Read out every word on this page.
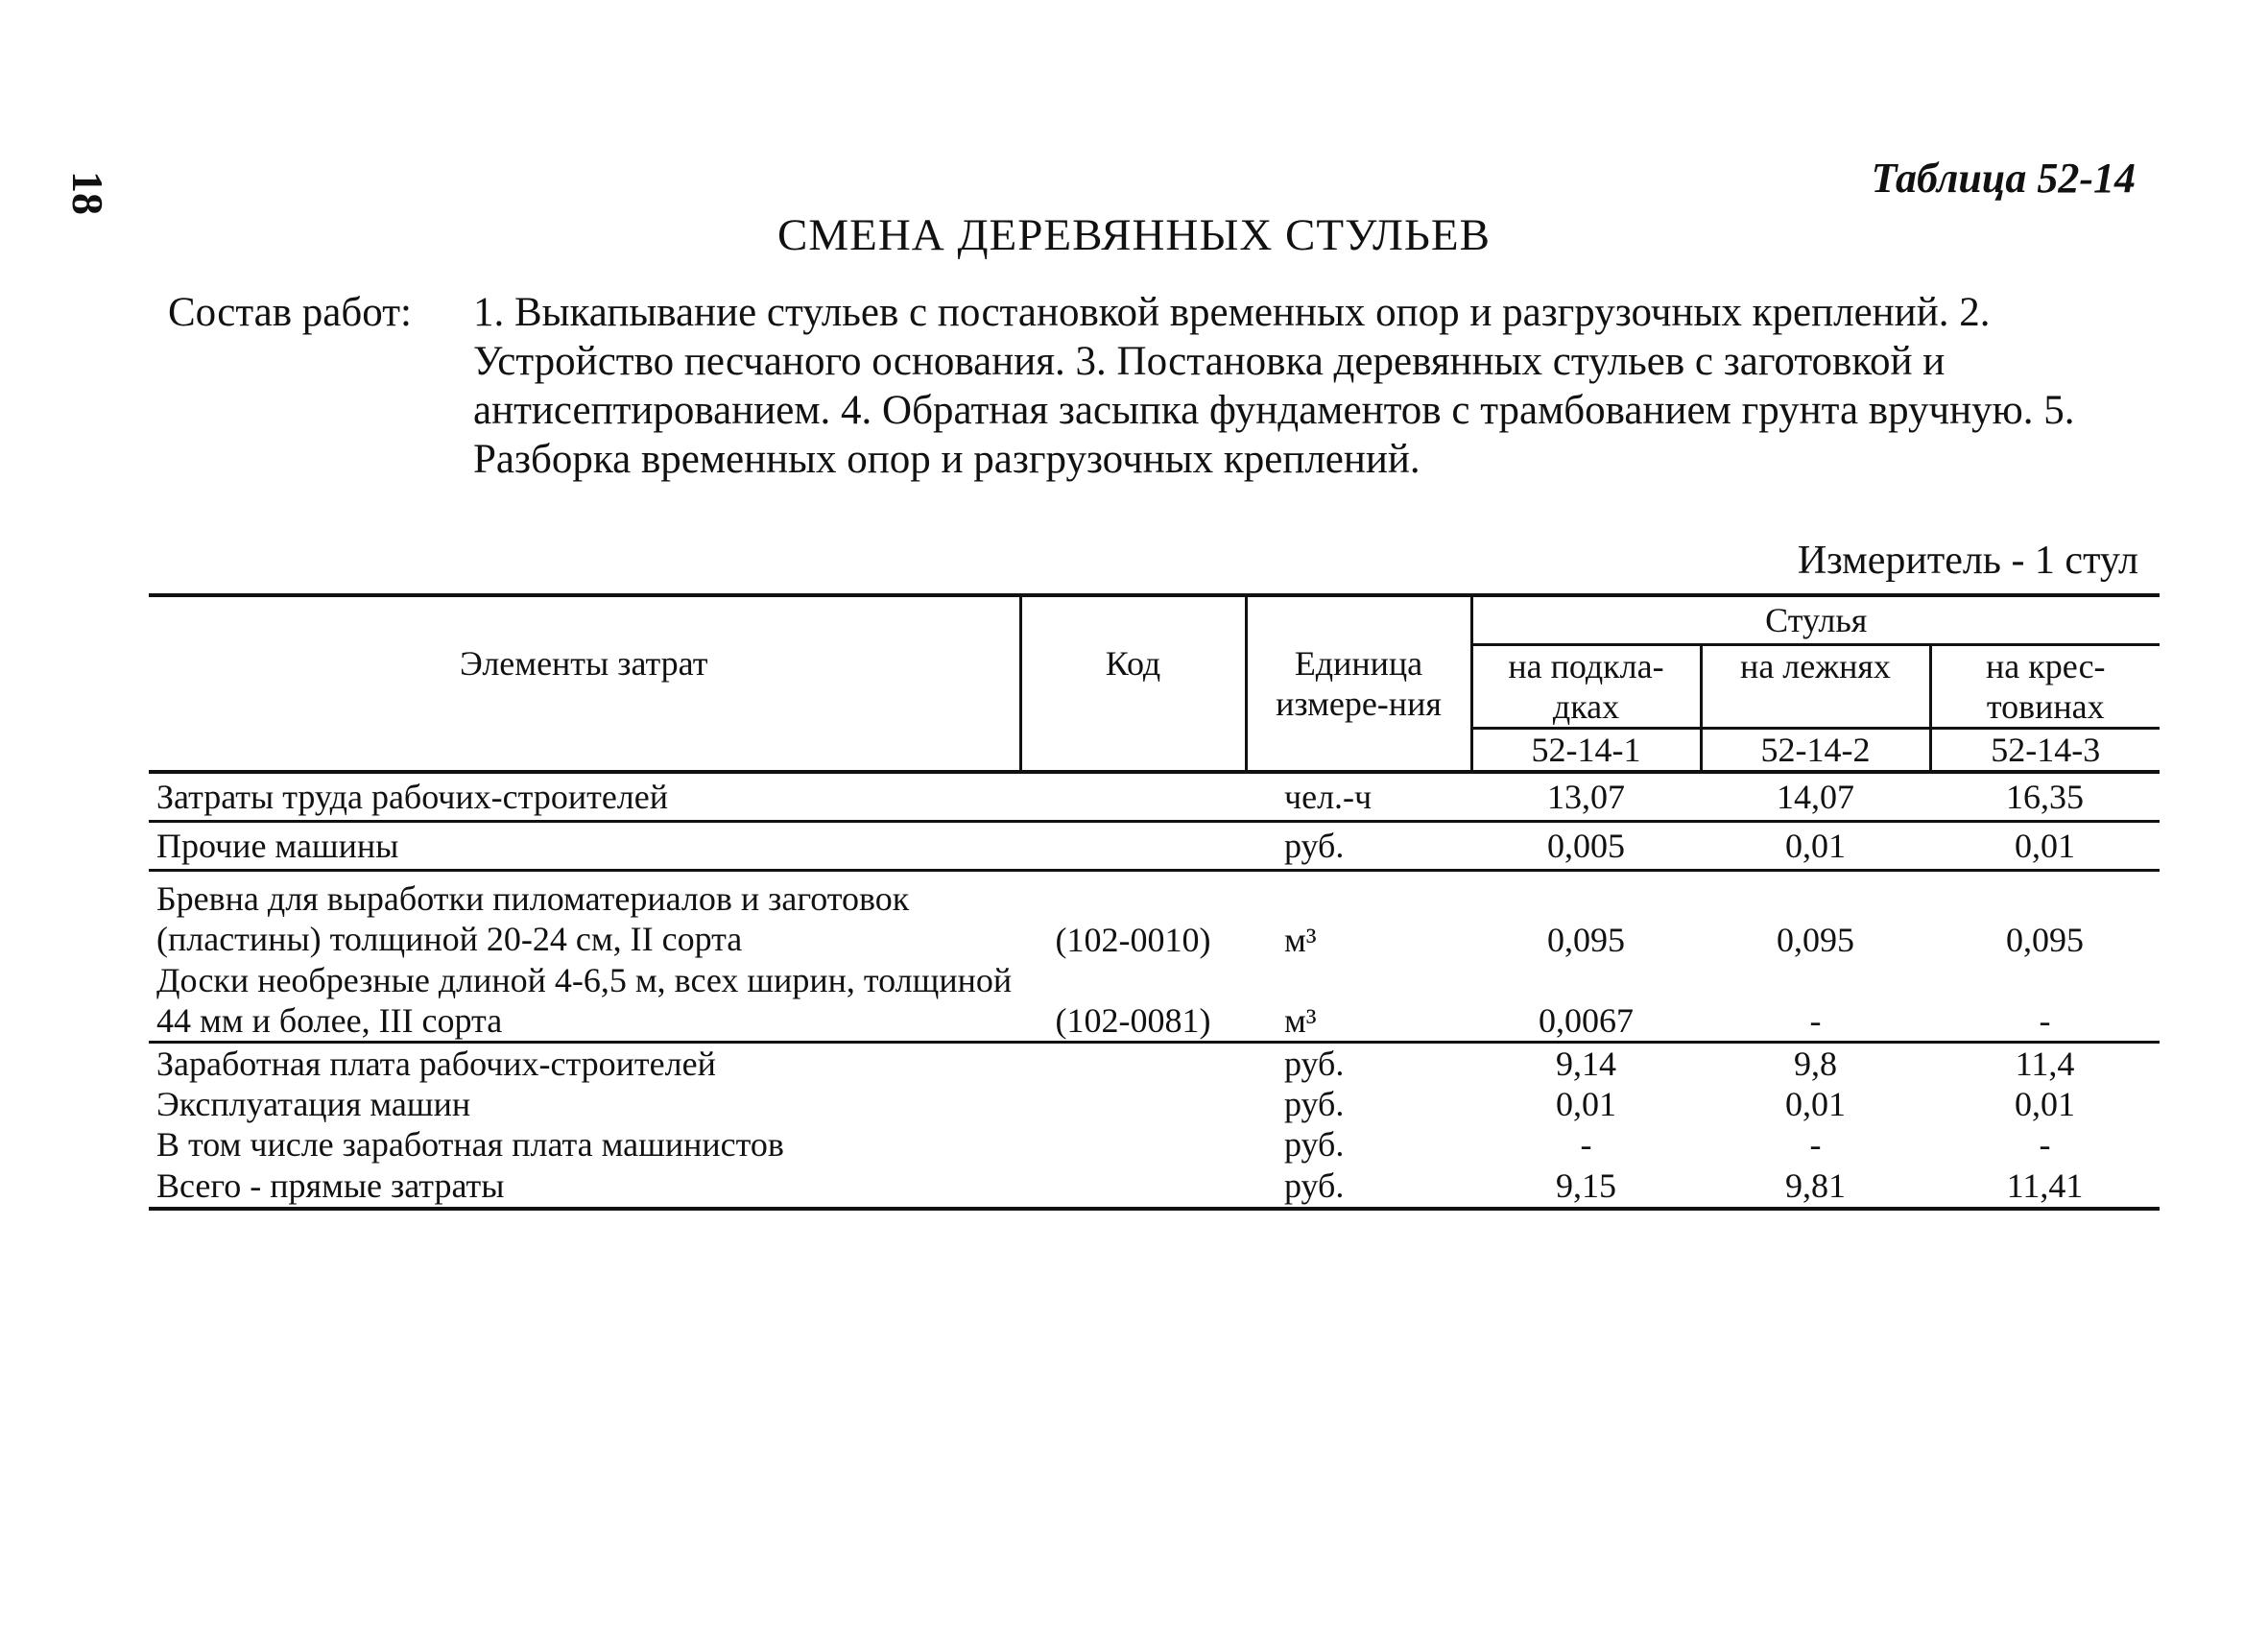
18	Таблица 52-14
СМЕНА ДЕРЕВЯННЫХ СТУЛЬЕВ
Состав работ: 1. Выкапывание стульев с постановкой временных опор и разгрузочных креплений. 2. Устройство песчаного основания. 3. Постановка деревянных стульев с заготовкой и антисептированием. 4. Обратная засыпка фундаментов с трамбованием грунта вручную. 5. Разборка временных опор и разгрузочных креплений.
Измеритель - 1 стул
Элементы затрат	Код	Единица измере-ния	Стулья		
			на подкла-дках	на лежнях	на крес-товинах
			52-14-1	52-14-2	52-14-3
Затраты труда рабочих-строителей		чел.-ч	13,07	14,07	16,35
Прочие машины		руб.	0,005	0,01	0,01
Бревна для выработки пиломатериалов и заготовок (пластины) толщиной 20-24 см, II сорта	(102-0010)	м³	0,095	0,095	0,095
Доски необрезные длиной 4-6,5 м, всех ширин, толщиной 44 мм и более, III сорта	(102-0081)	м³	0,0067	-	-
Заработная плата рабочих-строителей		руб.	9,14	9,8	11,4
Эксплуатация машин		руб.	0,01	0,01	0,01
В том числе заработная плата машинистов		руб.	-	-	-
Всего - прямые затраты		руб.	9,15	9,81	11,41
